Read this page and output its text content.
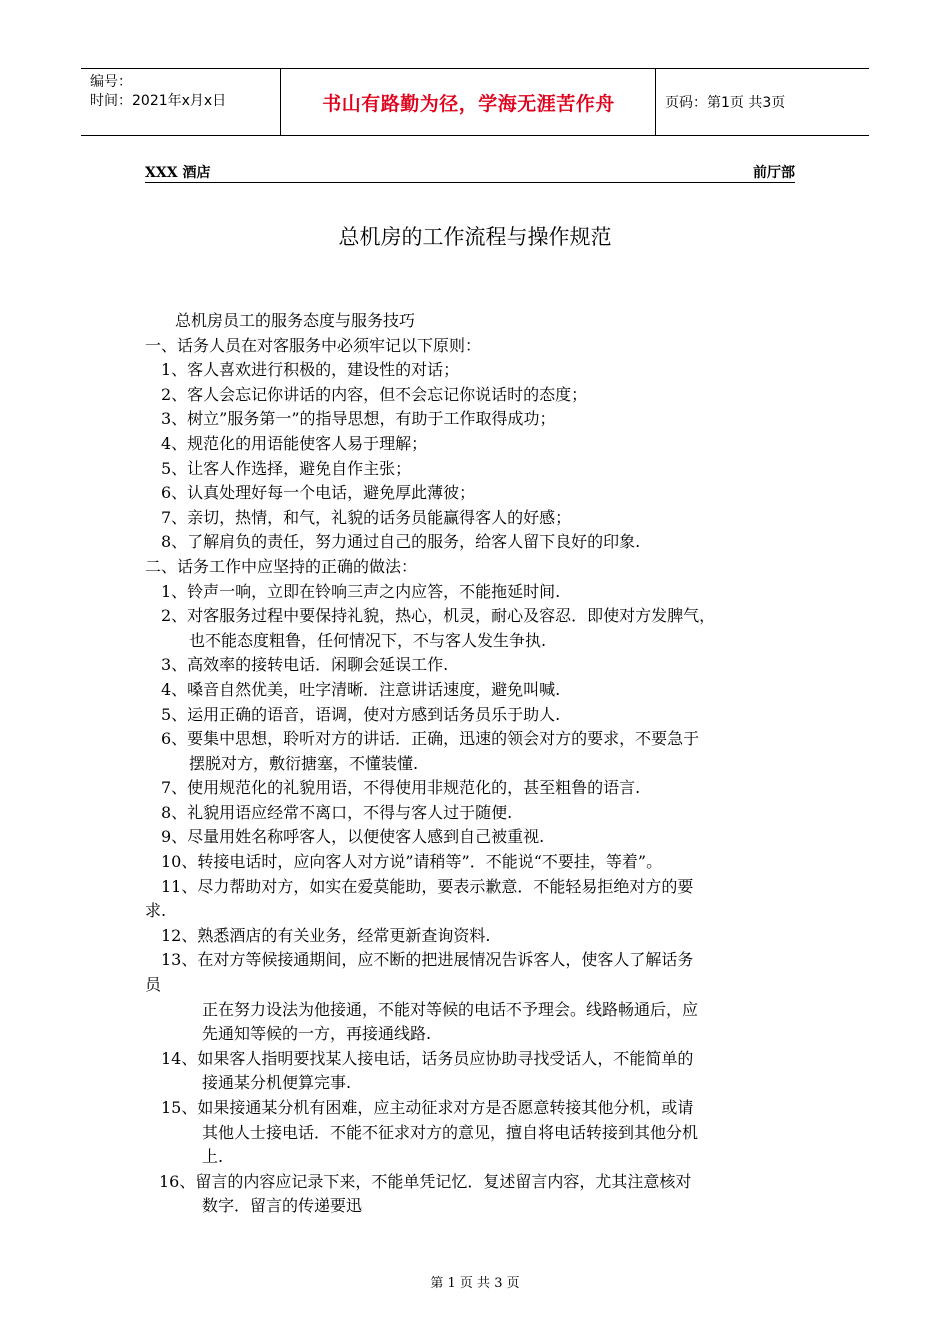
编号：
时间：2021年x月x日	书山有路勤为径，学海无涯苦作舟	页码：第1页 共3页
XXX 酒店	前厅部
总机房的工作流程与操作规范
总机房员工的服务态度与服务技巧
一、话务人员在对客服务中必须牢记以下原则：
1、客人喜欢进行积极的，建设性的对话；
2、客人会忘记你讲话的内容，但不会忘记你说话时的态度；
3、树立”服务第一”的指导思想，有助于工作取得成功；
4、规范化的用语能使客人易于理解；
5、让客人作选择，避免自作主张；
6、认真处理好每一个电话，避免厚此薄彼；
7、亲切，热情，和气，礼貌的话务员能赢得客人的好感；
8、了解肩负的责任，努力通过自己的服务，给客人留下良好的印象.
二、话务工作中应坚持的正确的做法：
1、铃声一响，立即在铃响三声之内应答，不能拖延时间.
2、对客服务过程中要保持礼貌，热心，机灵，耐心及容忍．即使对方发脾气，
也不能态度粗鲁，任何情况下，不与客人发生争执.
3、高效率的接转电话．闲聊会延误工作.
4、嗓音自然优美，吐字清晰．注意讲话速度，避免叫喊.
5、运用正确的语音，语调，使对方感到话务员乐于助人.
6、要集中思想，聆听对方的讲话．正确，迅速的领会对方的要求，不要急于
摆脱对方，敷衍搪塞，不懂装懂.
7、使用规范化的礼貌用语，不得使用非规范化的，甚至粗鲁的语言.
8、礼貌用语应经常不离口，不得与客人过于随便.
9、尽量用姓名称呼客人，以便使客人感到自己被重视.
10、转接电话时，应向客人对方说”请稍等”．不能说“不要挂，等着”。
11、尽力帮助对方，如实在爱莫能助，要表示歉意．不能轻易拒绝对方的要
求.
12、熟悉酒店的有关业务，经常更新查询资料.
13、在对方等候接通期间，应不断的把进展情况告诉客人，使客人了解话务
员
正在努力设法为他接通，不能对等候的电话不予理会。线路畅通后，应
先通知等候的一方，再接通线路.
14、如果客人指明要找某人接电话，话务员应协助寻找受话人，不能简单的
接通某分机便算完事.
15、如果接通某分机有困难，应主动征求对方是否愿意转接其他分机，或请
其他人士接电话．不能不征求对方的意见，擅自将电话转接到其他分机
上.
16、留言的内容应记录下来，不能单凭记忆．复述留言内容，尤其注意核对
数字．留言的传递要迅
第 1 页 共 3 页
